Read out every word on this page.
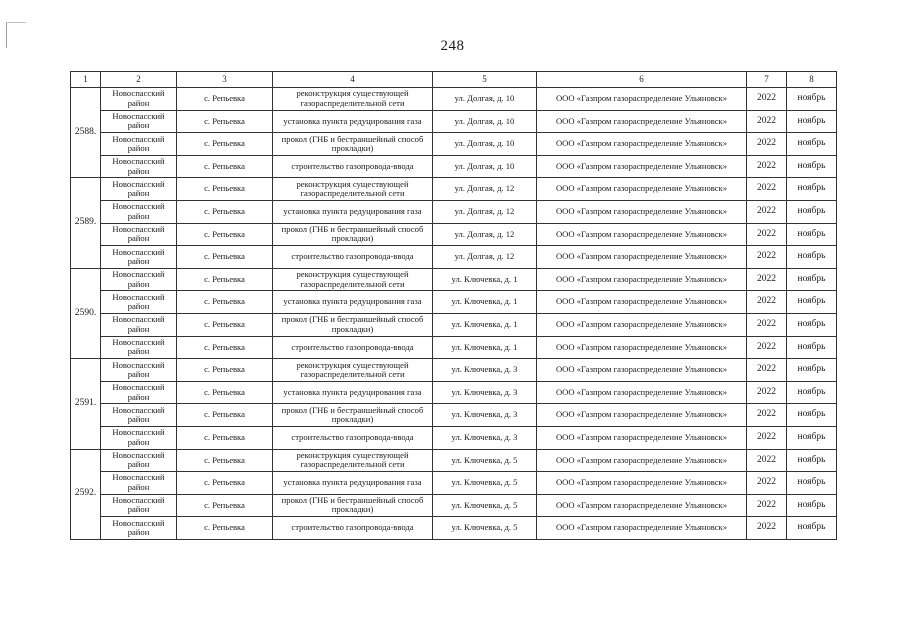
248
1	2	3	4	5	6	7	8
2588.	Новоспасский район	с. Репьевка	реконструкция существующей газораспределительной сети	ул. Долгая, д. 10	ООО «Газпром газораспределение Ульяновск»	2022	ноябрь
	Новоспасский район	с. Репьевка	установка пункта редуцирования газа	ул. Долгая, д. 10	ООО «Газпром газораспределение Ульяновск»	2022	ноябрь
	Новоспасский район	с. Репьевка	прокол (ГНБ и бестраншейный способ прокладки)	ул. Долгая, д. 10	ООО «Газпром газораспределение Ульяновск»	2022	ноябрь
	Новоспасский район	с. Репьевка	строительство газопровода-ввода	ул. Долгая, д. 10	ООО «Газпром газораспределение Ульяновск»	2022	ноябрь
2589.	Новоспасский район	с. Репьевка	реконструкция существующей газораспределительной сети	ул. Долгая, д. 12	ООО «Газпром газораспределение Ульяновск»	2022	ноябрь
	Новоспасский район	с. Репьевка	установка пункта редуцирования газа	ул. Долгая, д. 12	ООО «Газпром газораспределение Ульяновск»	2022	ноябрь
	Новоспасский район	с. Репьевка	прокол (ГНБ и бестраншейный способ прокладки)	ул. Долгая, д. 12	ООО «Газпром газораспределение Ульяновск»	2022	ноябрь
	Новоспасский район	с. Репьевка	строительство газопровода-ввода	ул. Долгая, д. 12	ООО «Газпром газораспределение Ульяновск»	2022	ноябрь
2590.	Новоспасский район	с. Репьевка	реконструкция существующей газораспределительной сети	ул. Ключевка, д. 1	ООО «Газпром газораспределение Ульяновск»	2022	ноябрь
	Новоспасский район	с. Репьевка	установка пункта редуцирования газа	ул. Ключевка, д. 1	ООО «Газпром газораспределение Ульяновск»	2022	ноябрь
	Новоспасский район	с. Репьевка	прокол (ГНБ и бестраншейный способ прокладки)	ул. Ключевка, д. 1	ООО «Газпром газораспределение Ульяновск»	2022	ноябрь
	Новоспасский район	с. Репьевка	строительство газопровода-ввода	ул. Ключевка, д. 1	ООО «Газпром газораспределение Ульяновск»	2022	ноябрь
2591.	Новоспасский район	с. Репьевка	реконструкция существующей газораспределительной сети	ул. Ключевка, д. 3	ООО «Газпром газораспределение Ульяновск»	2022	ноябрь
	Новоспасский район	с. Репьевка	установка пункта редуцирования газа	ул. Ключевка, д. 3	ООО «Газпром газораспределение Ульяновск»	2022	ноябрь
	Новоспасский район	с. Репьевка	прокол (ГНБ и бестраншейный способ прокладки)	ул. Ключевка, д. 3	ООО «Газпром газораспределение Ульяновск»	2022	ноябрь
	Новоспасский район	с. Репьевка	строительство газопровода-ввода	ул. Ключевка, д. 3	ООО «Газпром газораспределение Ульяновск»	2022	ноябрь
2592.	Новоспасский район	с. Репьевка	реконструкция существующей газораспределительной сети	ул. Ключевка, д. 5	ООО «Газпром газораспределение Ульяновск»	2022	ноябрь
	Новоспасский район	с. Репьевка	установка пункта редуцирования газа	ул. Ключевка, д. 5	ООО «Газпром газораспределение Ульяновск»	2022	ноябрь
	Новоспасский район	с. Репьевка	прокол (ГНБ и бестраншейный способ прокладки)	ул. Ключевка, д. 5	ООО «Газпром газораспределение Ульяновск»	2022	ноябрь
	Новоспасский район	с. Репьевка	строительство газопровода-ввода	ул. Ключевка, д. 5	ООО «Газпром газораспределение Ульяновск»	2022	ноябрь
